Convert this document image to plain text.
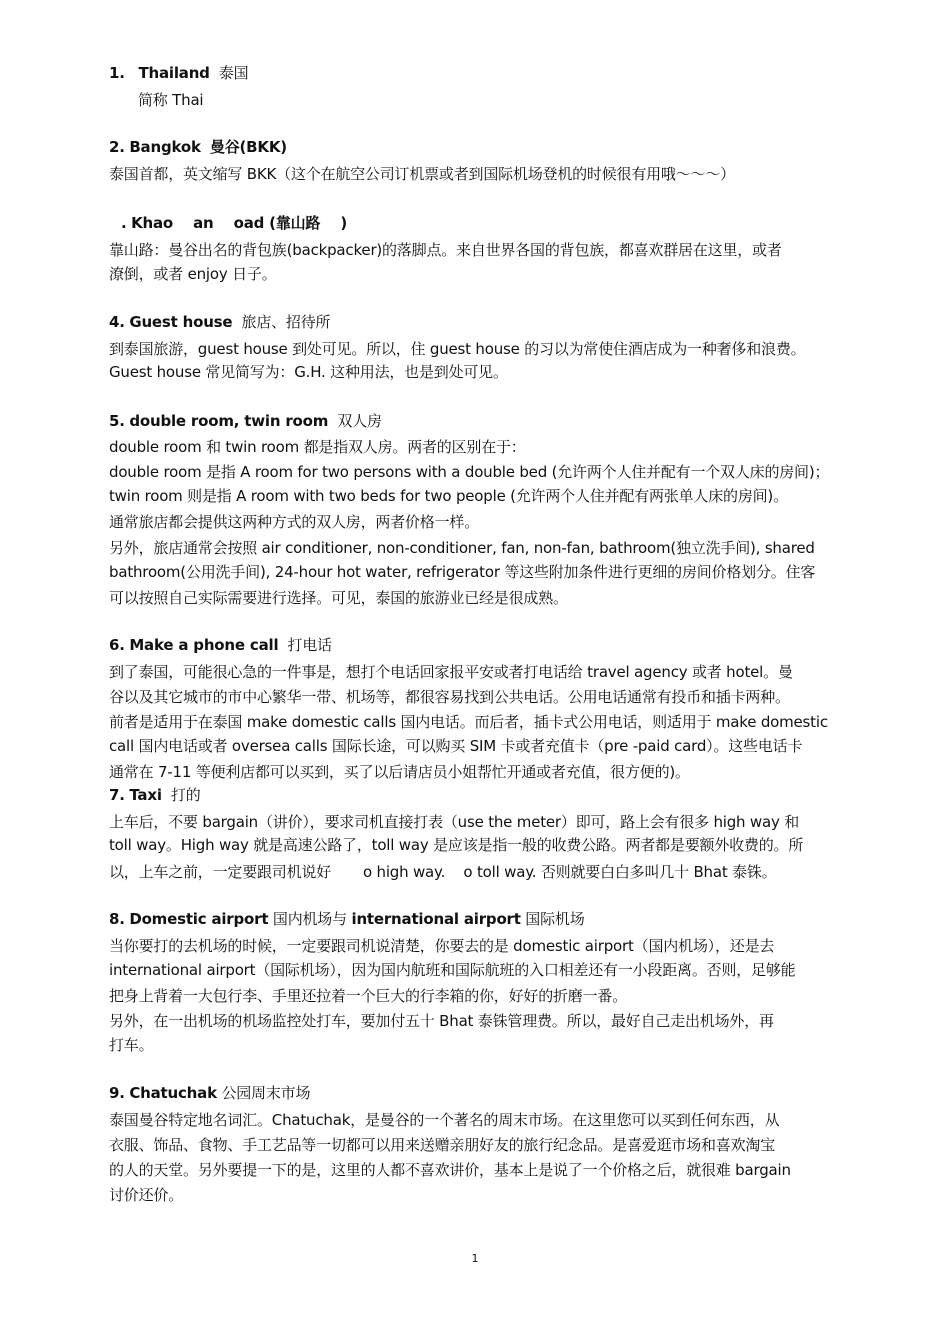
1. Thailand 泰国
简称 Thai
2. Bangkok 曼谷(BKK)
泰国首都，英文缩写 BKK（这个在航空公司订机票或者到国际机场登机的时候很有用哦～～～）
. Khao    an    oad (靠山路    )
靠山路：曼谷出名的背包族(backpacker)的落脚点。来自世界各国的背包族，都喜欢群居在这里，或者
潦倒，或者 enjoy 日子。
4. Guest house 旅店、招待所
到泰国旅游，guest house 到处可见。所以，住 guest house 的习以为常使住酒店成为一种奢侈和浪费。
Guest house 常见简写为：G.H. 这种用法，也是到处可见。
5. double room, twin room 双人房
double room 和 twin room 都是指双人房。两者的区别在于：
double room 是指 A room for two persons with a double bed (允许两个人住并配有一个双人床的房间)；
twin room 则是指 A room with two beds for two people (允许两个人住并配有两张单人床的房间)。
通常旅店都会提供这两种方式的双人房，两者价格一样。
另外，旅店通常会按照 air conditioner, non-conditioner, fan, non-fan, bathroom(独立洗手间), shared
bathroom(公用洗手间), 24-hour hot water, refrigerator 等这些附加条件进行更细的房间价格划分。住客
可以按照自己实际需要进行选择。可见，泰国的旅游业已经是很成熟。
6. Make a phone call 打电话
到了泰国，可能很心急的一件事是，想打个电话回家报平安或者打电话给 travel agency 或者 hotel。曼
谷以及其它城市的市中心繁华一带、机场等，都很容易找到公共电话。公用电话通常有投币和插卡两种。
前者是适用于在泰国 make domestic calls 国内电话。而后者，插卡式公用电话，则适用于 make domestic
call 国内电话或者 oversea calls 国际长途，可以购买 SIM 卡或者充值卡（pre -paid card）。这些电话卡
通常在 7-11 等便利店都可以买到，买了以后请店员小姐帮忙开通或者充值，很方便的)。
7. Taxi 打的
上车后，不要 bargain（讲价），要求司机直接打表（use the meter）即可，路上会有很多 high way 和
toll way。High way 就是高速公路了，toll way 是应该是指一般的收费公路。两者都是要额外收费的。所
以，上车之前，一定要跟司机说好       o high way.    o toll way. 否则就要白白多叫几十 Bhat 泰铢。
8. Domestic airport 国内机场与 international airport 国际机场
当你要打的去机场的时候，一定要跟司机说清楚，你要去的是 domestic airport（国内机场），还是去
international airport（国际机场），因为国内航班和国际航班的入口相差还有一小段距离。否则，足够能
把身上背着一大包行李、手里还拉着一个巨大的行李箱的你，好好的折磨一番。
另外，在一出机场的机场监控处打车，要加付五十 Bhat 泰铢管理费。所以，最好自己走出机场外，再
打车。
9. Chatuchak 公园周末市场
泰国曼谷特定地名词汇。Chatuchak，是曼谷的一个著名的周末市场。在这里您可以买到任何东西，从
衣服、饰品、食物、手工艺品等一切都可以用来送赠亲朋好友的旅行纪念品。是喜爱逛市场和喜欢淘宝
的人的天堂。另外要提一下的是，这里的人都不喜欢讲价，基本上是说了一个价格之后，就很难 bargain
讨价还价。
1
